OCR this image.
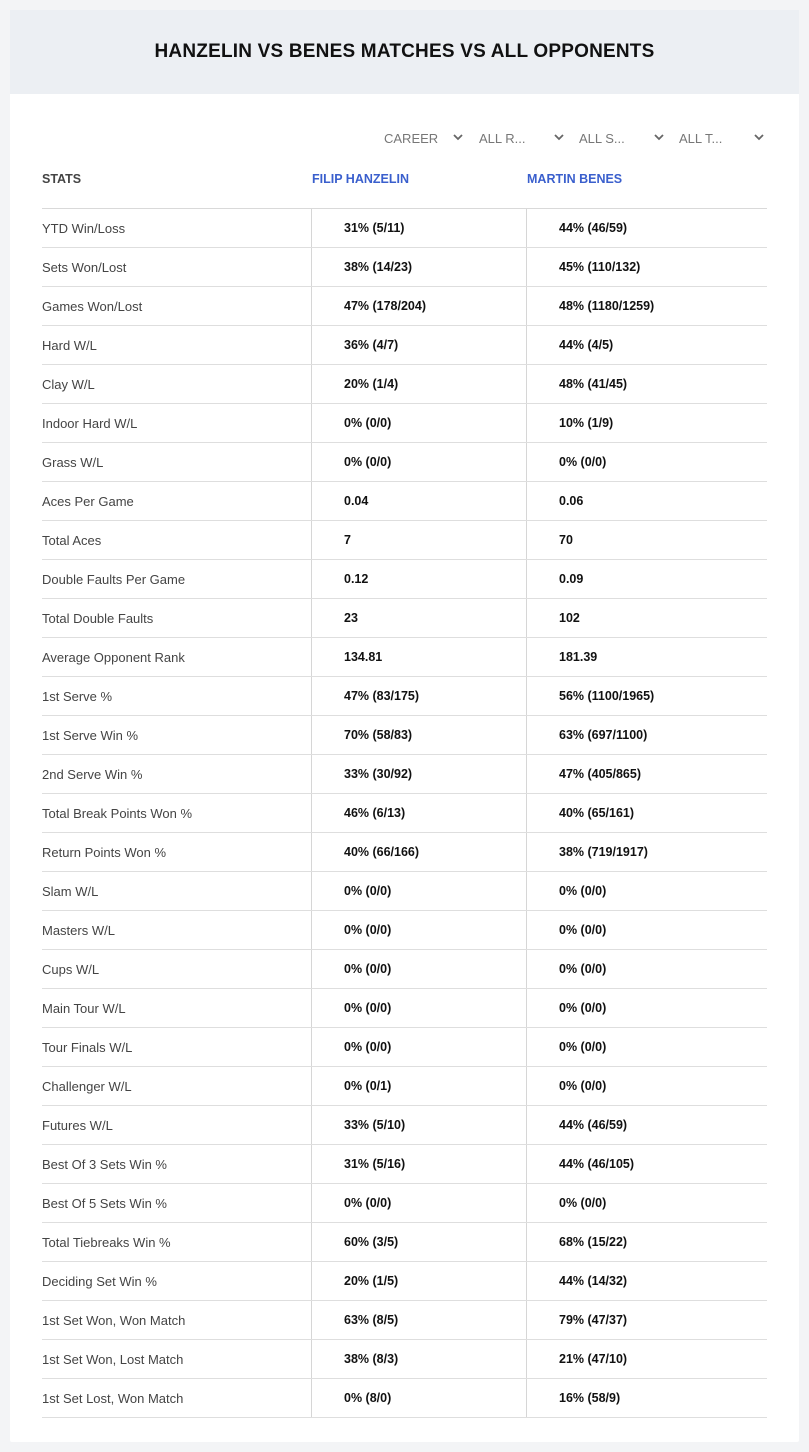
HANZELIN VS BENES MATCHES VS ALL OPPONENTS
CAREER	ALL R...	ALL S...	ALL T...
STATS	FILIP HANZELIN	MARTIN BENES
YTD Win/Loss	31% (5/11)	44% (46/59)
Sets Won/Lost	38% (14/23)	45% (110/132)
Games Won/Lost	47% (178/204)	48% (1180/1259)
Hard W/L	36% (4/7)	44% (4/5)
Clay W/L	20% (1/4)	48% (41/45)
Indoor Hard W/L	0% (0/0)	10% (1/9)
Grass W/L	0% (0/0)	0% (0/0)
Aces Per Game	0.04	0.06
Total Aces	7	70
Double Faults Per Game	0.12	0.09
Total Double Faults	23	102
Average Opponent Rank	134.81	181.39
1st Serve %	47% (83/175)	56% (1100/1965)
1st Serve Win %	70% (58/83)	63% (697/1100)
2nd Serve Win %	33% (30/92)	47% (405/865)
Total Break Points Won %	46% (6/13)	40% (65/161)
Return Points Won %	40% (66/166)	38% (719/1917)
Slam W/L	0% (0/0)	0% (0/0)
Masters W/L	0% (0/0)	0% (0/0)
Cups W/L	0% (0/0)	0% (0/0)
Main Tour W/L	0% (0/0)	0% (0/0)
Tour Finals W/L	0% (0/0)	0% (0/0)
Challenger W/L	0% (0/1)	0% (0/0)
Futures W/L	33% (5/10)	44% (46/59)
Best Of 3 Sets Win %	31% (5/16)	44% (46/105)
Best Of 5 Sets Win %	0% (0/0)	0% (0/0)
Total Tiebreaks Win %	60% (3/5)	68% (15/22)
Deciding Set Win %	20% (1/5)	44% (14/32)
1st Set Won, Won Match	63% (8/5)	79% (47/37)
1st Set Won, Lost Match	38% (8/3)	21% (47/10)
1st Set Lost, Won Match	0% (8/0)	16% (58/9)
